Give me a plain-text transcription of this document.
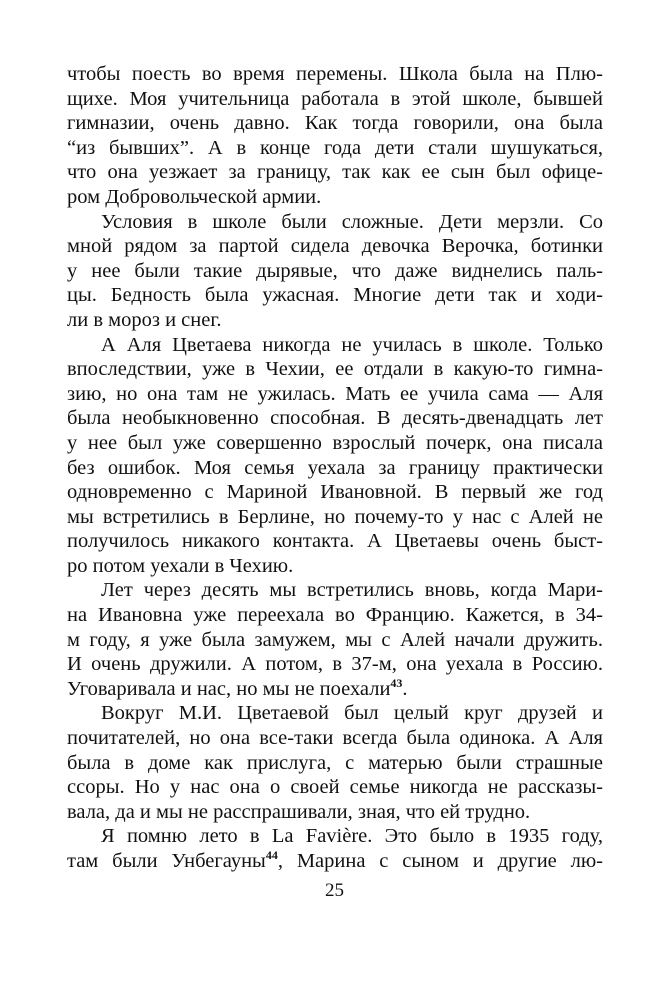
чтобы поесть во время перемены. Школа была на Плю-
щихе. Моя учительница работала в этой школе, бывшей
гимназии, очень давно. Как тогда говорили, она была
“из бывших”. А в конце года дети стали шушукаться,
что она уезжает за границу, так как ее сын был офице-
ром Добровольческой армии.

Условия в школе были сложные. Дети мерзли. Со
мной рядом за партой сидела девочка Верочка, ботинки
у нее были такие дырявые, что даже виднелись паль-
цы. Бедность была ужасная. Многие дети так и ходи-
ли в мороз и снег.

А Аля Цветаева никогда не училась в школе. Только
впоследствии, уже в Чехии, ее отдали в какую-то гимна-
зию, но она там не ужилась. Мать ее учила сама — Аля
была необыкновенно способная. В десять-двенадцать лет
у нее был уже совершенно взрослый почерк, она писала
без ошибок. Моя семья уехала за границу практически
одновременно с Мариной Ивановной. В первый же год
мы встретились в Берлине, но почему-то у нас с Алей не
получилось никакого контакта. А Цветаевы очень быст-
ро потом уехали в Чехию.

Лет через десять мы встретились вновь, когда Мари-
на Ивановна уже переехала во Францию. Кажется, в 34-
м году, я уже была замужем, мы с Алей начали дружить.
И очень дружили. А потом, в 37-м, она уехала в Россию.
Уговаривала и нас, но мы не поехали$^{43}$.

Вокруг М.И. Цветаевой был целый круг друзей и
почитателей, но она все-таки всегда была одинока. А Аля
была в доме как прислуга, с матерью были страшные
ссоры. Но у нас она о своей семье никогда не рассказы-
вала, да и мы не расспрашивали, зная, что ей трудно.

Я помню лето в La Favière. Это было в 1935 году,
там были Унбегауны$^{44}$, Марина с сыном и другие лю-

25
